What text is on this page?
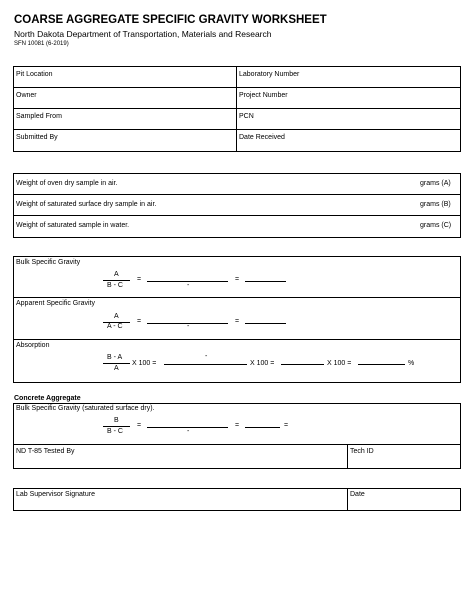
COARSE AGGREGATE SPECIFIC GRAVITY WORKSHEET
North Dakota Department of Transportation, Materials and Research
SFN 10081 (6-2019)
Pit Location	Laboratory Number
Owner	Project Number
Sampled From	PCN
Submitted By	Date Received
Weight of oven dry sample in air.	grams (A)
Weight of saturated surface dry sample in air.	grams (B)
Weight of saturated sample in water.	grams (C)
Bulk Specific Gravity
A
B - C
=
-
=
Apparent Specific Gravity
A
A - C
=
-
=
Absorption
B - A
A
X 100 =
-
X 100 =	X 100 =	%
Concrete Aggregate
Bulk Specific Gravity (saturated surface dry).
B
B - C
=
-
=	=
ND T-85 Tested By	Tech ID
Lab Supervisor Signature	Date
